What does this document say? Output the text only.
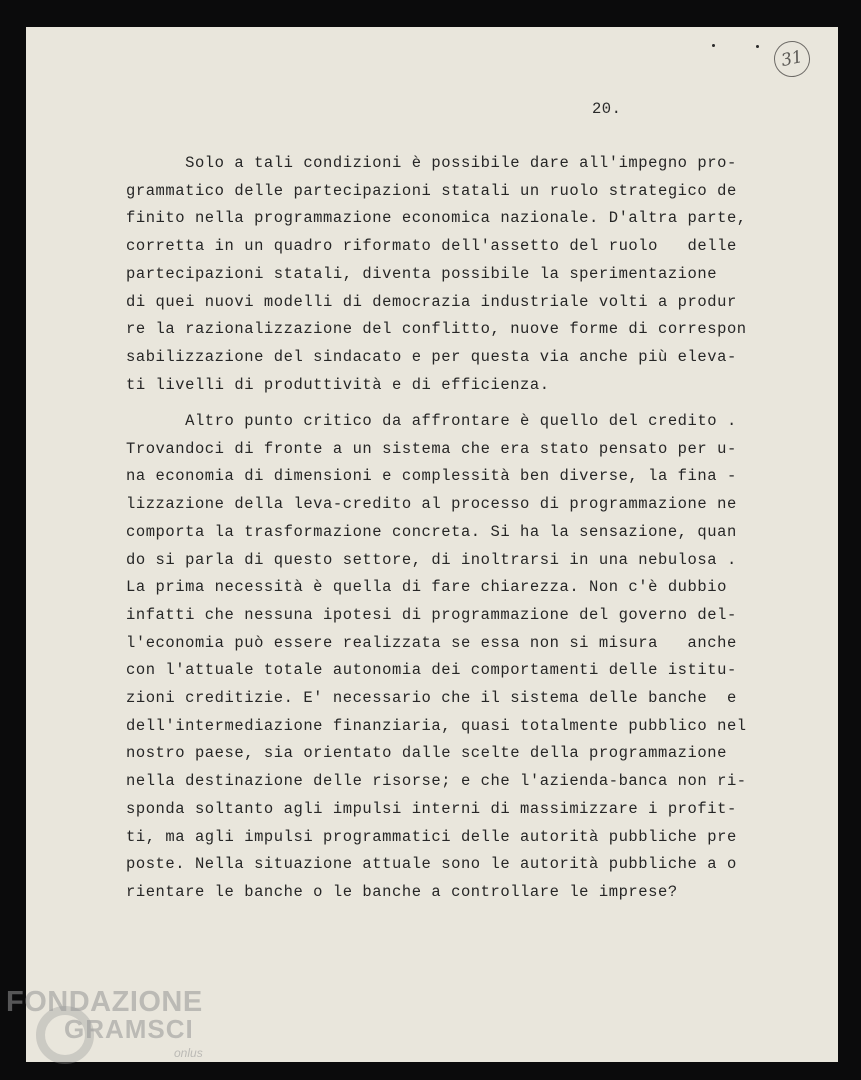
31
20.
Solo a tali condizioni è possibile dare all'impegno pro-
grammatico delle partecipazioni statali un ruolo strategico de
finito nella programmazione economica nazionale. D'altra parte,
corretta in un quadro riformato dell'assetto del ruolo   delle
partecipazioni statali, diventa possibile la sperimentazione
di quei nuovi modelli di democrazia industriale volti a produr
re la razionalizzazione del conflitto, nuove forme di correspon
sabilizzazione del sindacato e per questa via anche più eleva-
ti livelli di produttività e di efficienza.
Altro punto critico da affrontare è quello del credito .
Trovandoci di fronte a un sistema che era stato pensato per u-
na economia di dimensioni e complessità ben diverse, la fina -
lizzazione della leva-credito al processo di programmazione ne
comporta la trasformazione concreta. Si ha la sensazione, quan
do si parla di questo settore, di inoltrarsi in una nebulosa .
La prima necessità è quella di fare chiarezza. Non c'è dubbio
infatti che nessuna ipotesi di programmazione del governo del-
l'economia può essere realizzata se essa non si misura   anche
con l'attuale totale autonomia dei comportamenti delle istitu-
zioni creditizie. E' necessario che il sistema delle banche  e
dell'intermediazione finanziaria, quasi totalmente pubblico nel
nostro paese, sia orientato dalle scelte della programmazione
nella destinazione delle risorse; e che l'azienda-banca non ri-
sponda soltanto agli impulsi interni di massimizzare i profit-
ti, ma agli impulsi programmatici delle autorità pubbliche pre
poste. Nella situazione attuale sono le autorità pubbliche a o
rientare le banche o le banche a controllare le imprese?
FONDAZIONE
GRAMSCI
onlus
